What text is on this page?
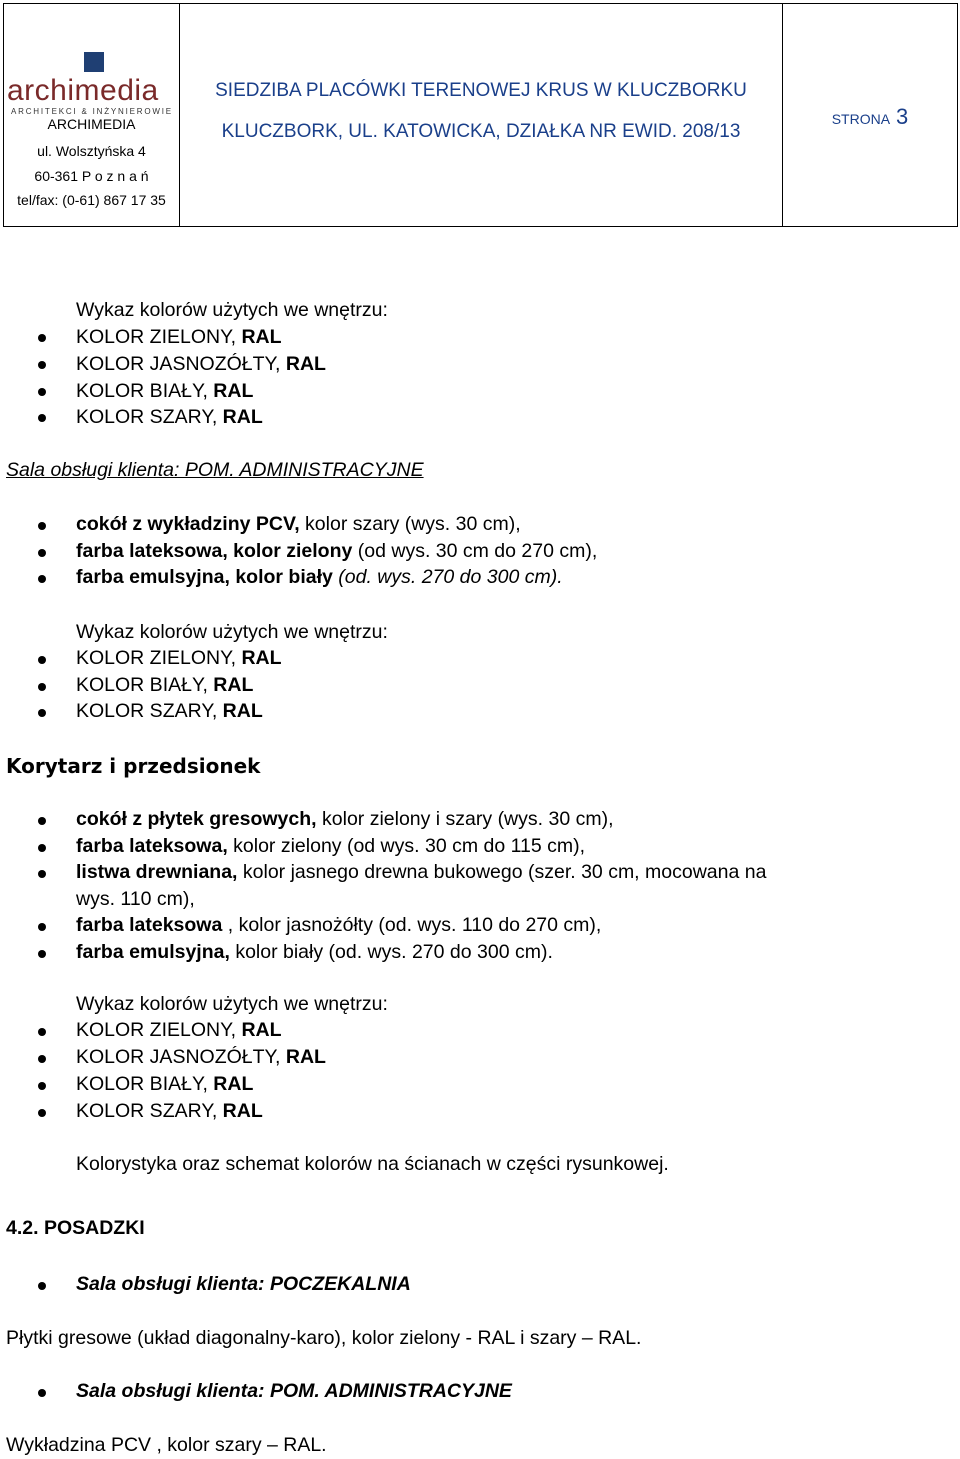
archimedia
ARCHITEKCI & INŻYNIEROWIE
ARCHIMEDIA
ul. Wolsztyńska 4
60-361 P o z n a ń
tel/fax: (0-61) 867 17 35
SIEDZIBA PLACÓWKI TERENOWEJ KRUS W KLUCZBORKU
KLUCZBORK, UL. KATOWICKA, DZIAŁKA NR EWID. 208/13
STRONA 3
Wykaz kolorów użytych we wnętrzu:
KOLOR ZIELONY, RAL
KOLOR JASNOZÓŁTY, RAL
KOLOR BIAŁY, RAL
KOLOR SZARY, RAL
Sala obsługi klienta: POM. ADMINISTRACYJNE
cokół z wykładziny PCV, kolor szary (wys. 30 cm),
farba lateksowa, kolor zielony (od wys. 30 cm do 270 cm),
farba emulsyjna, kolor biały (od. wys. 270 do 300 cm).
Wykaz kolorów użytych we wnętrzu:
KOLOR ZIELONY, RAL
KOLOR BIAŁY, RAL
KOLOR SZARY, RAL
Korytarz i przedsionek
cokół z płytek gresowych, kolor zielony i szary (wys. 30 cm),
farba lateksowa, kolor zielony (od wys. 30 cm do 115 cm),
listwa drewniana, kolor jasnego drewna bukowego (szer. 30 cm, mocowana na
wys. 110 cm),
farba lateksowa , kolor jasnożółty (od. wys. 110 do 270 cm),
farba emulsyjna, kolor biały (od. wys. 270 do 300 cm).
Wykaz kolorów użytych we wnętrzu:
KOLOR ZIELONY, RAL
KOLOR JASNOZÓŁTY, RAL
KOLOR BIAŁY, RAL
KOLOR SZARY, RAL
Kolorystyka oraz schemat kolorów na ścianach w części rysunkowej.
4.2. POSADZKI
Sala obsługi klienta: POCZEKALNIA
Płytki gresowe (układ diagonalny-karo), kolor zielony - RAL i szary – RAL.
Sala obsługi klienta: POM. ADMINISTRACYJNE
Wykładzina PCV , kolor szary – RAL.
